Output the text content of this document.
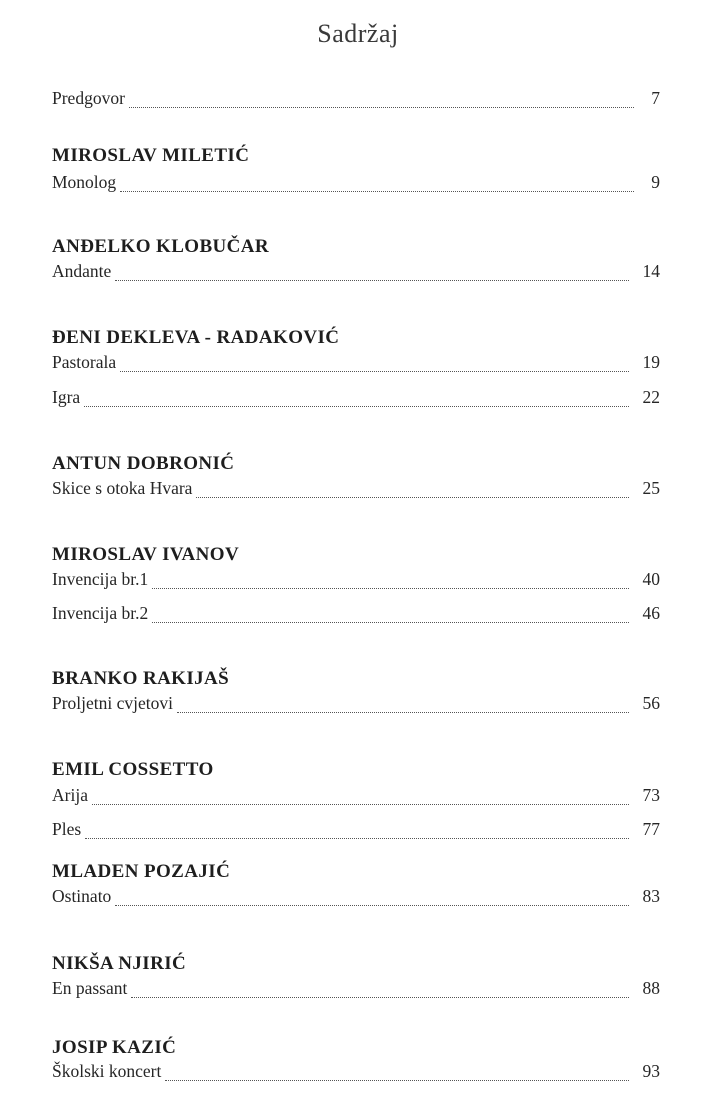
Sadržaj
Predgovor	7
MIROSLAV MILETIĆ
Monolog	9
ANĐELKO KLOBUČAR
Andante	14
ĐENI DEKLEVA - RADAKOVIĆ
Pastorala	19
Igra	22
ANTUN DOBRONIĆ
Skice s otoka Hvara	25
MIROSLAV IVANOV
Invencija br.1	40
Invencija br.2	46
BRANKO RAKIJAŠ
Proljetni cvjetovi	56
EMIL COSSETTO
Arija	73
Ples	77
MLADEN POZAJIĆ
Ostinato	83
NIKŠA NJIRIĆ
En passant	88
JOSIP KAZIĆ
Školski koncert	93
